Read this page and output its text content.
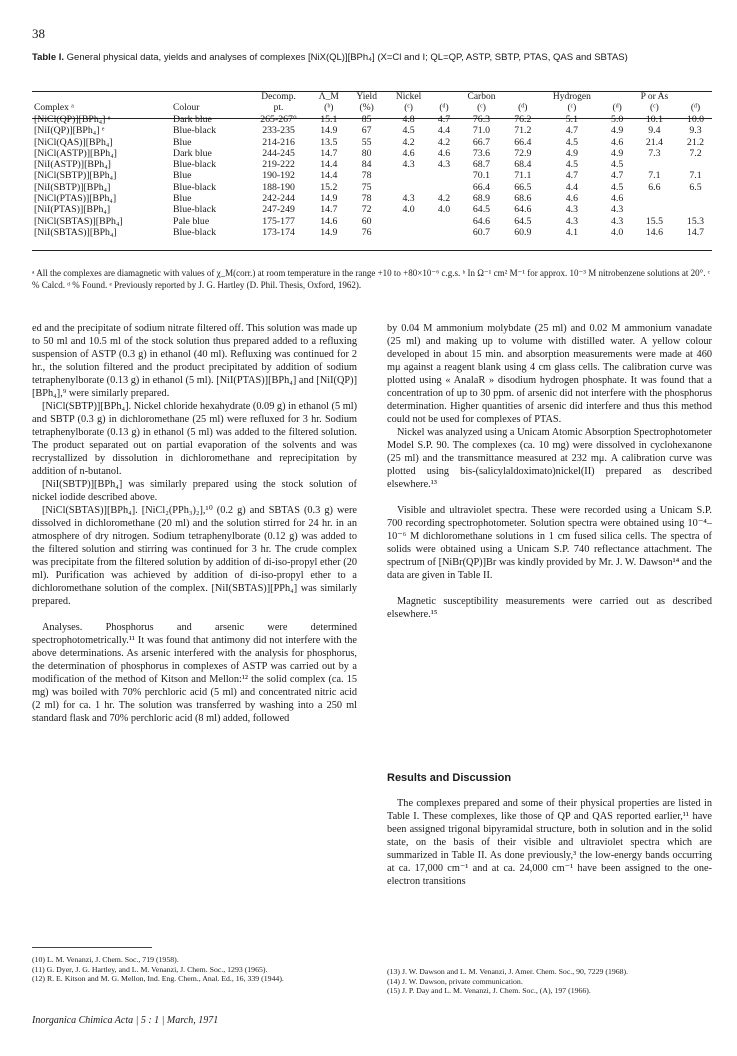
38
Table I. General physical data, yields and analyses of complexes [NiX(QL)][BPh₄] (X=Cl and I; QL=QP, ASTP, SBTP, PTAS, QAS and SBTAS)
		Decomp.	Λ_M	Yield	Nickel		Carbon		Hydrogen		P or As	
Complex ᵃ	Colour	pt.	(ᵇ)	(%)	(ᶜ)	(ᵈ)	(ᶜ)	(ᵈ)	(ᶜ)	(ᵈ)	(ᶜ)	(ᵈ)
[NiCl(QP)][BPh₄] ᵉ	Dark blue	265-267°	15.1	85	4.8	4.7	76.3	76.2	5.1	5.0	10.1	10.0
[NiI(QP)][BPh₄] ᵉ	Blue-black	233-235	14.9	67	4.5	4.4	71.0	71.2	4.7	4.9	9.4	9.3
[NiCl(QAS)][BPh₄]	Blue	214-216	13.5	55	4.2	4.2	66.7	66.4	4.5	4.6	21.4	21.2
[NiCl(ASTP)][BPh₄]	Dark blue	244-245	14.7	80	4.6	4.6	73.6	72.9	4.9	4.9	7.3	7.2
[NiI(ASTP)][BPh₄]	Blue-black	219-222	14.4	84	4.3	4.3	68.7	68.4	4.5	4.5		
[NiCl(SBTP)][BPh₄]	Blue	190-192	14.4	78			70.1	71.1	4.7	4.7	7.1	7.1
[NiI(SBTP)][BPh₄]	Blue-black	188-190	15.2	75			66.4	66.5	4.4	4.5	6.6	6.5
[NiCl(PTAS)][BPh₄]	Blue	242-244	14.9	78	4.3	4.2	68.9	68.6	4.6	4.6		
[NiI(PTAS)][BPh₄]	Blue-black	247-249	14.7	72	4.0	4.0	64.5	64.6	4.3	4.3		
[NiCl(SBTAS)][BPh₄]	Pale blue	175-177	14.6	60			64.6	64.5	4.3	4.3	15.5	15.3
[NiI(SBTAS)][BPh₄]	Blue-black	173-174	14.9	76			60.7	60.9	4.1	4.0	14.6	14.7
ᵃ All the complexes are diamagnetic with values of χ_M(corr.) at room temperature in the range +10 to +80×10⁻⁶ c.g.s. ᵇ In Ω⁻¹ cm² M⁻¹ for approx. 10⁻³ M nitrobenzene solutions at 20°. ᶜ % Calcd. ᵈ % Found. ᵉ Previously reported by J. G. Hartley (D. Phil. Thesis, Oxford, 1962).

ed and the precipitate of sodium nitrate filtered off. This solution was made up to 50 ml and 10.5 ml of the stock solution thus prepared added to a refluxing suspension of ASTP (0.3 g) in ethanol (40 ml). Refluxing was continued for 2 hr., the solution filtered and the product precipitated by addition of sodium tetraphenylborate (0.13 g) in ethanol (5 ml). [NiI(PTAS)][BPh₄] and [NiI(QP)][BPh₄],⁹ were similarly prepared.

[NiCl(SBTP)][BPh₄]. Nickel chloride hexahydrate (0.09 g) in ethanol (5 ml) and SBTP (0.3 g) in dichloromethane (25 ml) were refluxed for 3 hr. Sodium tetraphenylborate (0.13 g) in ethanol (5 ml) was added to the filtered solution. The product separated out on partial evaporation of the solvents and was recrystallized by dissolution in dichloromethane and reprecipitation by addition of n-butanol.

[NiI(SBTP)][BPh₄] was similarly prepared using the stock solution of nickel iodide described above.

[NiCl(SBTAS)][BPh₄]. [NiCl₂(PPh₃)₂],¹⁰ (0.2 g) and SBTAS (0.3 g) were dissolved in dichloromethane (20 ml) and the solution stirred for 24 hr. in an atmosphere of dry nitrogen. Sodium tetraphenylborate (0.12 g) was added to the filtered solution and stirring was continued for 3 hr. The crude complex was precipitate from the filtered solution by addition of di-iso-propyl ether (20 ml). Purification was achieved by addition of di-iso-propyl ether to a dichloromethane solution of the complex. [NiI(SBTAS)][PPh₄] was similarly prepared.

Analyses. Phosphorus and arsenic were determined spectrophotometrically.¹¹ It was found that antimony did not interfere with the above determinations. As arsenic interfered with the analysis for phosphorus, the determination of phosphorus in complexes of ASTP was carried out by a modification of the method of Kitson and Mellon:¹² the solid complex (ca. 15 mg) was boiled with 70% perchloric acid (5 ml) and concentrated nitric acid (2 ml) for ca. 1 hr. The solution was transferred by washing into a 250 ml standard flask and 70% perchloric acid (8 ml) added, followed

by 0.04 M ammonium molybdate (25 ml) and 0.02 M ammonium vanadate (25 ml) and making up to volume with distilled water. A yellow colour developed in about 15 min. and absorption measurements were made at 460 mμ against a reagent blank using 4 cm glass cells. The calibration curve was plotted using « AnalaR » disodium hydrogen phosphate. It was found that a concentration of up to 30 ppm. of arsenic did not interfere with the phosphorus determination. Higher quantities of arsenic did interfere and thus this method could not be used for complexes of PTAS.

Nickel was analyzed using a Unicam Atomic Absorption Spectrophotometer Model S.P. 90. The complexes (ca. 10 mg) were dissolved in cyclohexanone (25 ml) and the transmittance measured at 232 mμ. A calibration curve was plotted using bis-(salicylaldoximato)nickel(II) prepared as described elsewhere.¹³

Visible and ultraviolet spectra. These were recorded using a Unicam S.P. 700 recording spectrophotometer. Solution spectra were obtained using 10⁻⁴–10⁻⁶ M dichloromethane solutions in 1 cm fused silica cells. The spectra of solids were obtained using a Unicam S.P. 740 reflectance attachment. The spectrum of [NiBr(QP)]Br was kindly provided by Mr. J. W. Dawson¹⁴ and the data are given in Table II.

Magnetic susceptibility measurements were carried out as described elsewhere.¹⁵

Results and Discussion

The complexes prepared and some of their physical properties are listed in Table I. These complexes, like those of QP and QAS reported earlier,¹¹ have been assigned trigonal bipyramidal structure, both in solution and in the solid state, on the basis of their visible and ultraviolet spectra which are summarized in Table II. As done previously,³ the low-energy bands occurring at ca. 17,000 cm⁻¹ and at ca. 24,000 cm⁻¹ have been assigned to the one-electron transitions

(10) L. M. Venanzi, J. Chem. Soc., 719 (1958).
(11) G. Dyer, J. G. Hartley, and L. M. Venanzi, J. Chem. Soc., 1293 (1965).
(12) R. E. Kitson and M. G. Mellon, Ind. Eng. Chem., Anal. Ed., 16, 339 (1944).
(13) J. W. Dawson and L. M. Venanzi, J. Amer. Chem. Soc., 90, 7229 (1968).
(14) J. W. Dawson, private communication.
(15) J. P. Day and L. M. Venanzi, J. Chem. Soc., (A), 197 (1966).
Inorganica Chimica Acta | 5 : 1 | March, 1971
